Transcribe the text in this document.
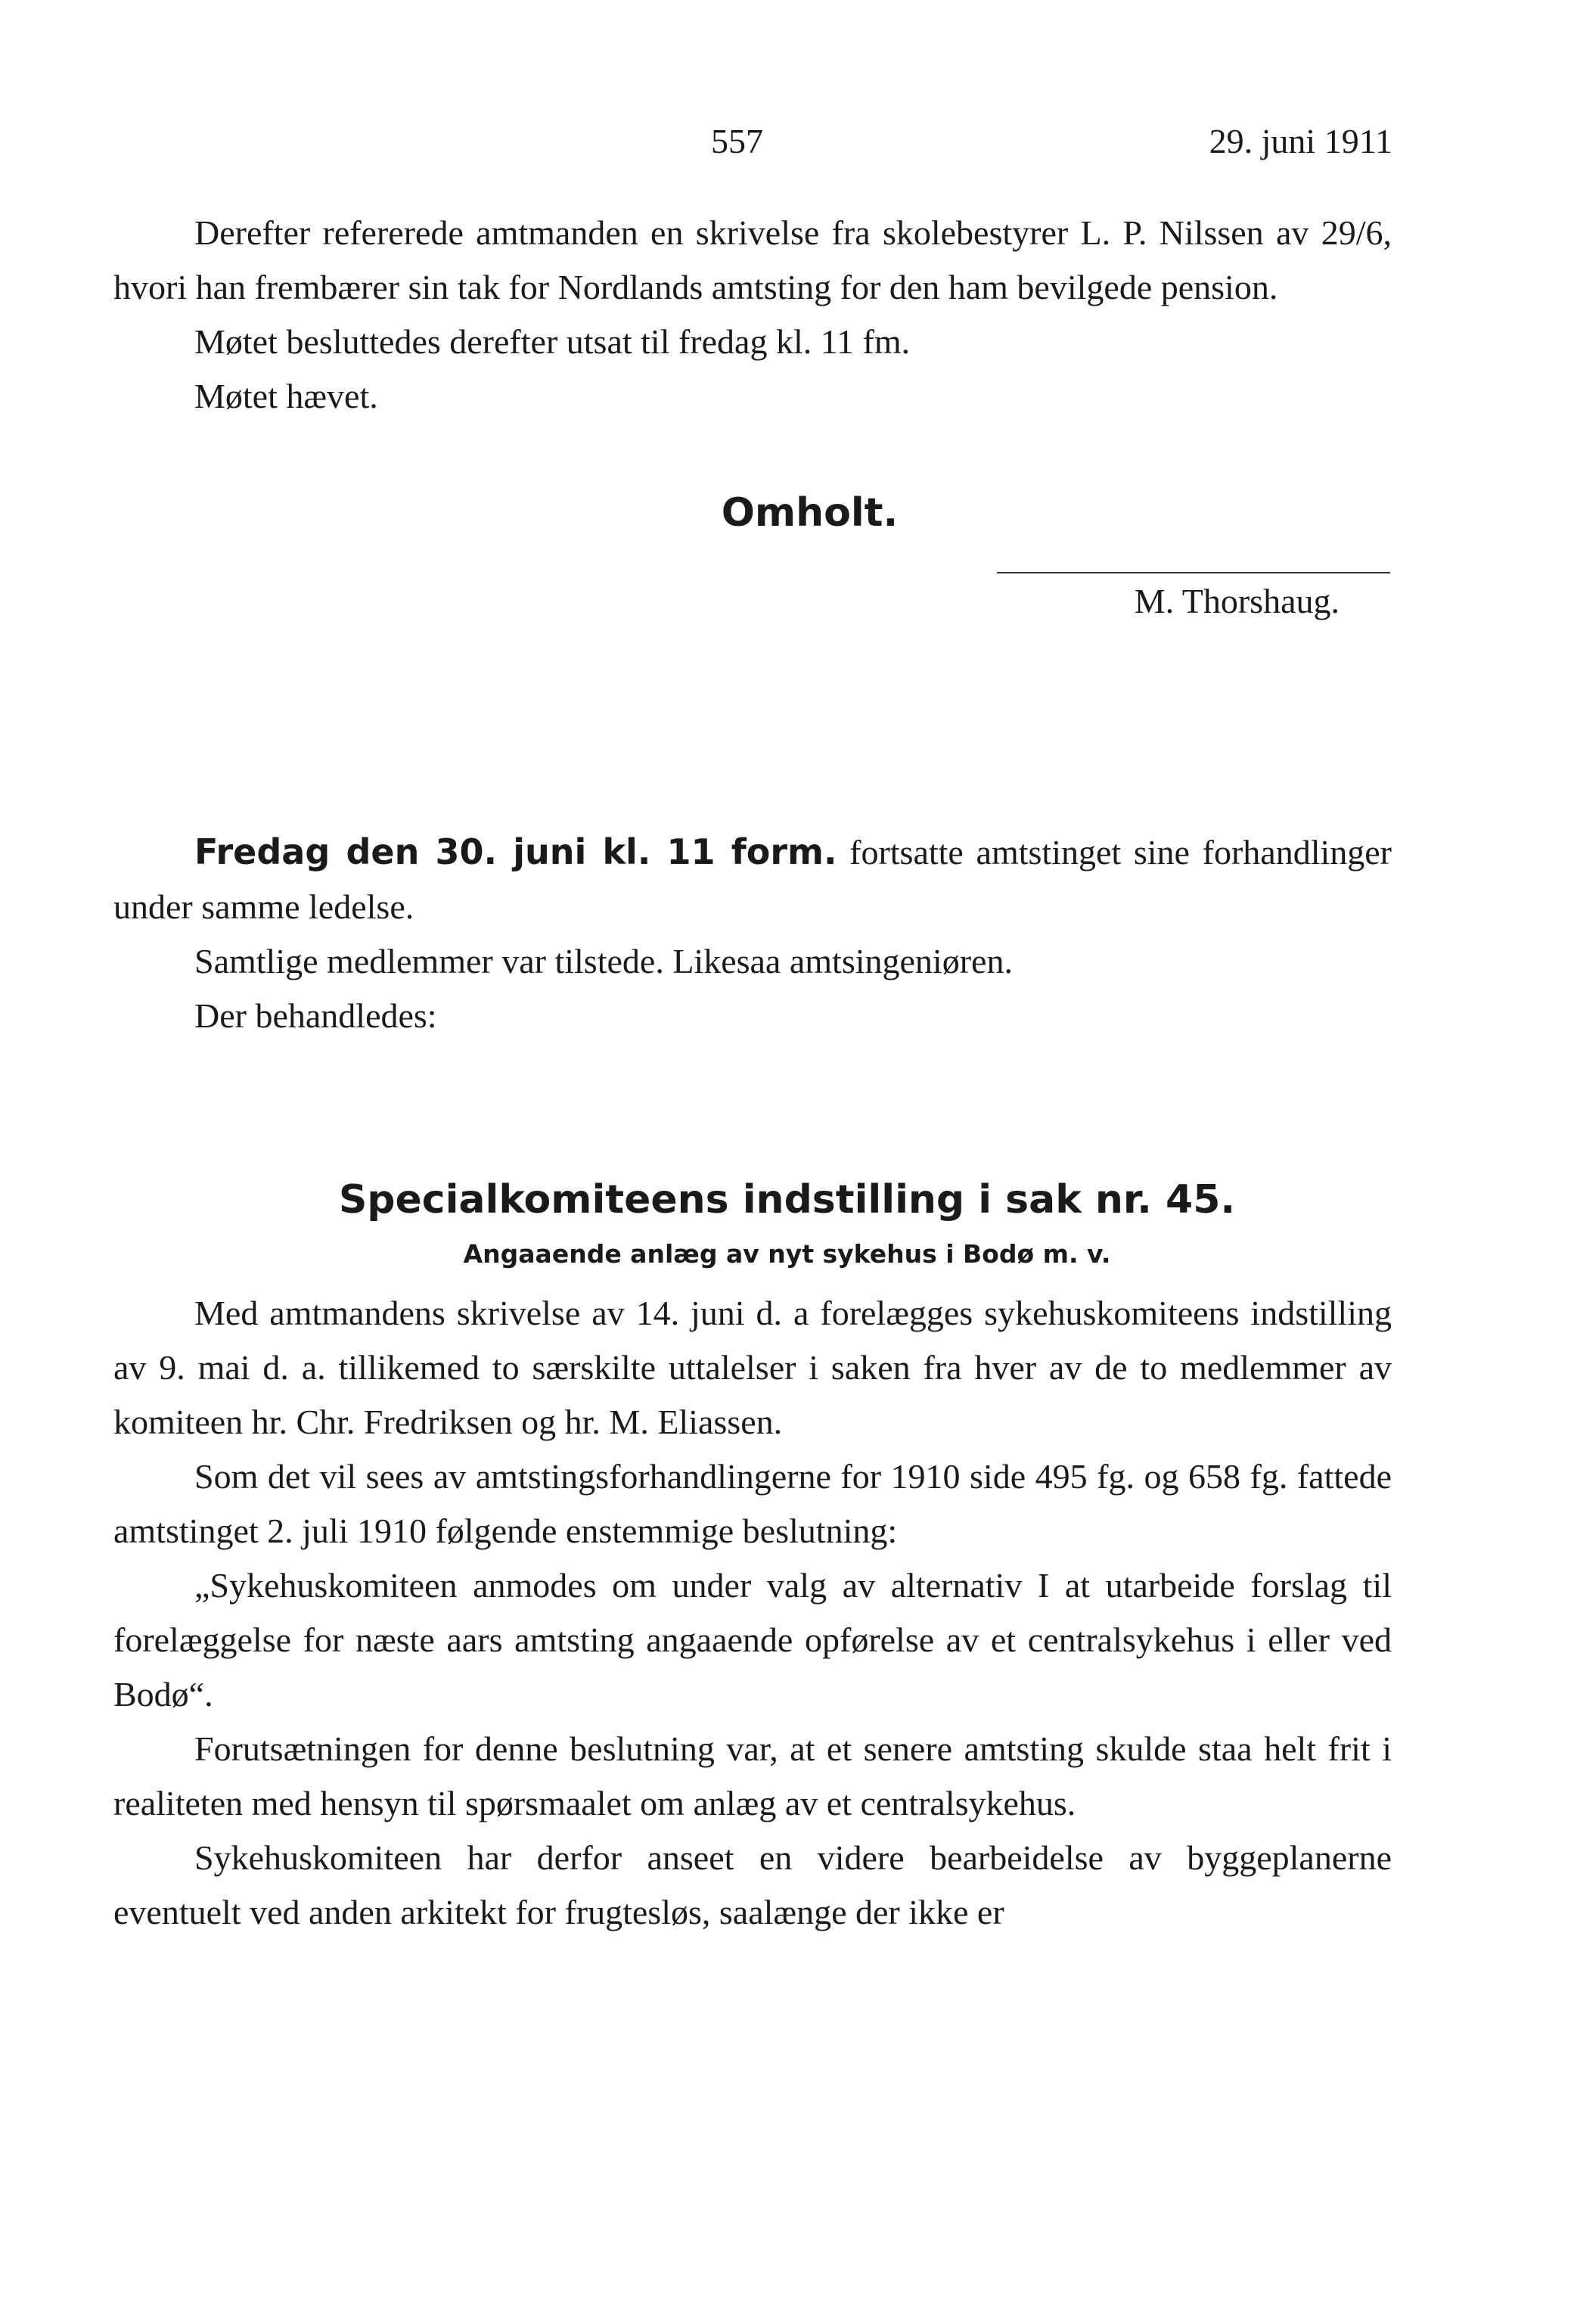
557	29. juni 1911

Derefter refererede amtmanden en skrivelse fra skolebestyrer L. P. Nilssen av 29/6, hvori han frembærer sin tak for Nordlands amtsting for den ham bevilgede pension.

Møtet besluttedes derefter utsat til fredag kl. 11 fm.

Møtet hævet.

Omholt.
M. Thorshaug.

Fredag den 30. juni kl. 11 form. fortsatte amtstinget sine forhandlinger under samme ledelse.

Samtlige medlemmer var tilstede. Likesaa amtsingeniøren.

Der behandledes:

Specialkomiteens indstilling i sak nr. 45.
Angaaende anlæg av nyt sykehus i Bodø m. v.

Med amtmandens skrivelse av 14. juni d. a forelægges sykehuskomiteens indstilling av 9. mai d. a. tillikemed to særskilte uttalelser i saken fra hver av de to medlemmer av komiteen hr. Chr. Fredriksen og hr. M. Eliassen.

Som det vil sees av amtstingsforhandlingerne for 1910 side 495 fg. og 658 fg. fattede amtstinget 2. juli 1910 følgende enstemmige beslutning:

„Sykehuskomiteen anmodes om under valg av alternativ I at utarbeide forslag til forelæggelse for næste aars amtsting angaaende opførelse av et centralsykehus i eller ved Bodø“.

Forutsætningen for denne beslutning var, at et senere amtsting skulde staa helt frit i realiteten med hensyn til spørsmaalet om anlæg av et centralsykehus.

Sykehuskomiteen har derfor anseet en videre bearbeidelse av byggeplanerne eventuelt ved anden arkitekt for frugtesløs, saalænge der ikke er
